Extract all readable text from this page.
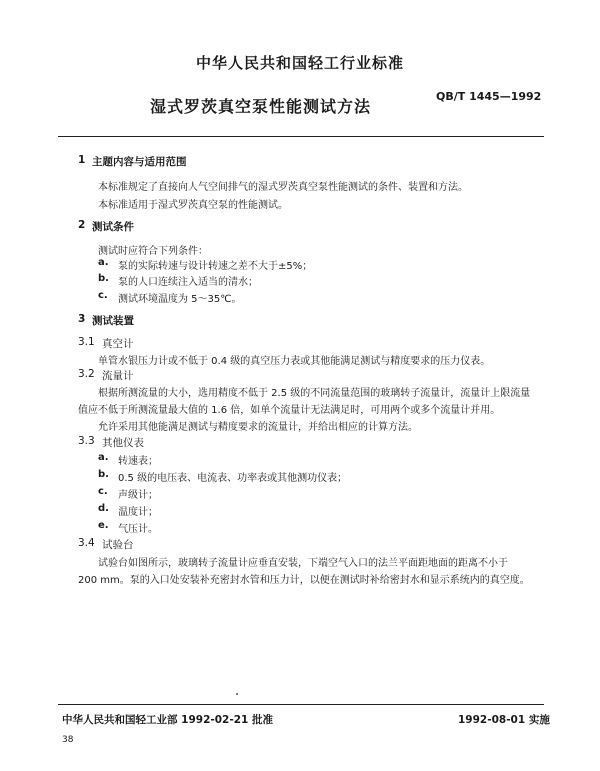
中华人民共和国轻工行业标准
湿式罗茨真空泵性能测试方法
QB/T 1445—1992
1 主题内容与适用范围
本标准规定了直接向人气空间排气的湿式罗茨真空泵性能测试的条件、装置和方法。
本标准适用于湿式罗茨真空泵的性能测试。
2 测试条件
测试时应符合下列条件：
a. 泵的实际转速与设计转速之差不大于±5%；
b. 泵的人口连续注入适当的清水；
c. 测试环境温度为 5～35℃。
3 测试装置
3.1 真空计
单管水银压力计或不低于 0.4 级的真空压力表或其他能满足测试与精度要求的压力仪表。
3.2 流量计
根据所测流量的大小，选用精度不低于 2.5 级的不同流量范围的玻璃转子流量计，流量计上限流量
值应不低于所测流量最大值的 1.6 倍，如单个流量计无法满足时，可用两个或多个流量计并用。
允许采用其他能满足测试与精度要求的流量计，并给出相应的计算方法。
3.3 其他仪表
a. 转速表；
b. 0.5 级的电压表、电流表、功率表或其他测功仪表；
c. 声级计；
d. 温度计；
e. 气压计。
3.4 试验台
试验台如图所示，玻璃转子流量计应垂直安装，下端空气入口的法兰平面距地面的距离不小于
200 mm。泵的入口处安装补充密封水管和压力计，以便在测试时补给密封水和显示系统内的真空度。
中华人民共和国轻工业部 1992-02-21 批准	1992-08-01 实施
38
